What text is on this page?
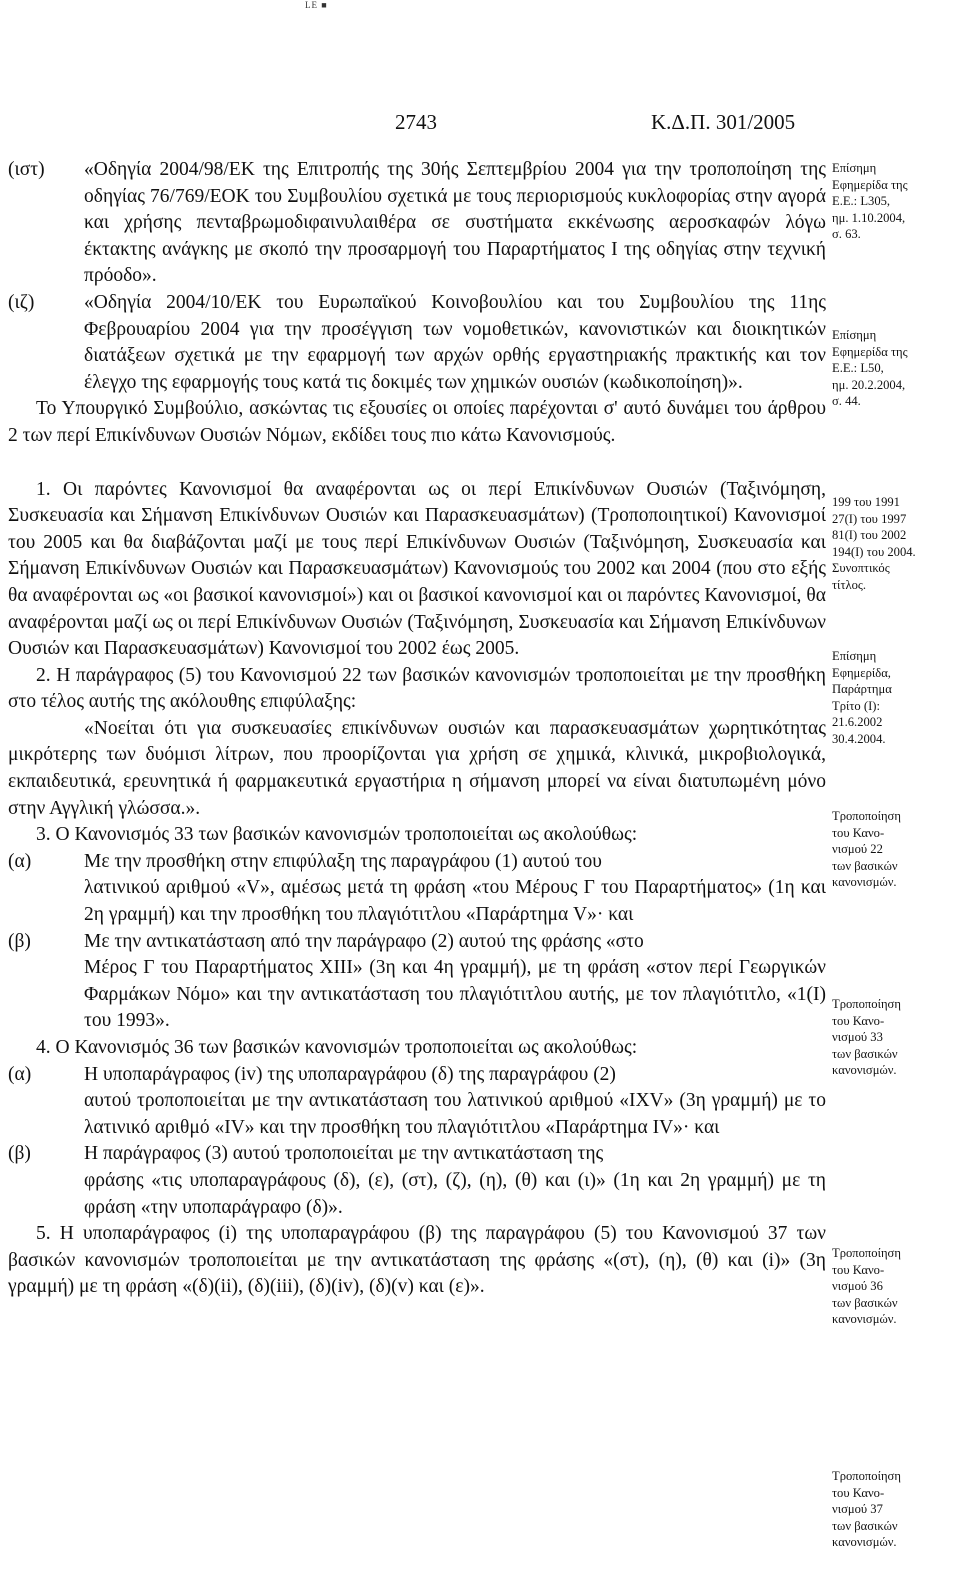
LE ■
2743	Κ.Δ.Π. 301/2005

(ιστ) «Οδηγία 2004/98/ΕΚ της Επιτροπής της 30ής Σεπτεμβρίου 2004 για την τροποποίηση της οδηγίας 76/769/ΕΟΚ του Συμβουλίου σχετικά με τους περιορισμούς κυκλοφορίας στην αγορά και χρήσης πενταβρωμοδιφαινυλαιθέρα σε συστήματα εκκένωσης αεροσκαφών λόγω έκτακτης ανάγκης με σκοπό την προσαρμογή του Παραρτήματος Ι της οδηγίας στην τεχνική πρόοδο».

(ιζ)	«Οδηγία 2004/10/ΕΚ του Ευρωπαϊκού Κοινοβουλίου και του Συμβουλίου της 11ης Φεβρουαρίου 2004 για την προσέγγιση των νομοθετικών, κανονιστικών και διοικητικών διατάξεων σχετικά με την εφαρμογή των αρχών ορθής εργαστηριακής πρακτικής και τον έλεγχο της εφαρμογής τους κατά τις δοκιμές των χημικών ουσιών (κωδικοποίηση)».

Το Υπουργικό Συμβούλιο, ασκώντας τις εξουσίες οι οποίες παρέχονται σ' αυτό δυνάμει του άρθρου 2 των περί Επικίνδυνων Ουσιών Νόμων, εκδίδει τους πιο κάτω Κανονισμούς.

1. Οι παρόντες Κανονισμοί θα αναφέρονται ως οι περί Επικίνδυνων Ουσιών (Ταξινόμηση, Συσκευασία και Σήμανση Επικίνδυνων Ουσιών και Παρασκευασμάτων) (Τροποποιητικοί) Κανονισμοί του 2005 και θα διαβάζονται μαζί με τους περί Επικίνδυνων Ουσιών (Ταξινόμηση, Συσκευασία και Σήμανση Επικίνδυνων Ουσιών και Παρασκευασμάτων) Κανονισμούς του 2002 και 2004 (που στο εξής θα αναφέρονται ως «οι βασικοί κανονισμοί») και οι βασικοί κανονισμοί και οι παρόντες Κανονισμοί, θα αναφέρονται μαζί ως οι περί Επικίνδυνων Ουσιών (Ταξινόμηση, Συσκευασία και Σήμανση Επικίνδυνων Ουσιών και Παρασκευασμάτων) Κανονισμοί του 2002 έως 2005.

2. Η παράγραφος (5) του Κανονισμού 22 των βασικών κανονισμών τροποποιείται με την προσθήκη στο τέλος αυτής της ακόλουθης επιφύλαξης:

«Νοείται ότι για συσκευασίες επικίνδυνων ουσιών και παρασκευασμάτων χωρητικότητας μικρότερης των δυόμισι λίτρων, που προορίζονται για χρήση σε χημικά, κλινικά, μικροβιολογικά, εκπαιδευτικά, ερευνητικά ή φαρμακευτικά εργαστήρια η σήμανση μπορεί να είναι διατυπωμένη μόνο στην Αγγλική γλώσσα.».

3. Ο Κανονισμός 33 των βασικών κανονισμών τροποποιείται ως ακολούθως:

(α)	Με την προσθήκη στην επιφύλαξη της παραγράφου (1) αυτού του

λατινικού αριθμού «V», αμέσως μετά τη φράση «του Μέρους Γ του Παραρτήματος» (1η και 2η γραμμή) και την προσθήκη του πλαγιότιτλου «Παράρτημα V»· και

(β)	Με την αντικατάσταση από την παράγραφο (2) αυτού της φράσης «στο

Μέρος Γ του Παραρτήματος XIII» (3η και 4η γραμμή), με τη φράση «στον περί Γεωργικών Φαρμάκων Νόμο» και την αντικατάσταση του πλαγιότιτλου αυτής, με τον πλαγιότιτλο, «1(I) του 1993».

4. Ο Κανονισμός 36 των βασικών κανονισμών τροποποιείται ως ακολούθως:

(α)	Η υποπαράγραφος (iv) της υποπαραγράφου (δ) της παραγράφου (2)

αυτού τροποποιείται με την αντικατάσταση του λατινικού αριθμού «IXV» (3η γραμμή) με το λατινικό αριθμό «IV» και την προσθήκη του πλαγιότιτλου «Παράρτημα IV»· και

(β)	Η παράγραφος (3) αυτού τροποποιείται με την αντικατάσταση της

φράσης «τις υποπαραγράφους (δ), (ε), (στ), (ζ), (η), (θ) και (ι)» (1η και 2η γραμμή) με τη φράση «την υποπαράγραφο (δ)».

5. Η υποπαράγραφος (i) της υποπαραγράφου (β) της παραγράφου (5) του Κανονισμού 37 των βασικών κανονισμών τροποποιείται με την αντικατάσταση της φράσης «(στ), (η), (θ) και (i)» (3η γραμμή) με τη φράση «(δ)(ii), (δ)(iii), (δ)(iv), (δ)(v) και (ε)».

Επίσημη
Εφημερίδα της
Ε.Ε.: L305,
ημ. 1.10.2004,
σ. 63.
Επίσημη
Εφημερίδα της
Ε.Ε.: L50,
ημ. 20.2.2004,
σ. 44.
199 του 1991
27(I) του 1997
81(I) του 2002
194(I) του 2004.
Συνοπτικός
τίτλος.
Επίσημη
Εφημερίδα,
Παράρτημα
Τρίτο (I):
21.6.2002
30.4.2004.
Τροποποίηση
του Κανο-
νισμού 22
των βασικών
κανονισμών.
Τροποποίηση
του Κανο-
νισμού 33
των βασικών
κανονισμών.
Τροποποίηση
του Κανο-
νισμού 36
των βασικών
κανονισμών.
Τροποποίηση
του Κανο-
νισμού 37
των βασικών
κανονισμών.
